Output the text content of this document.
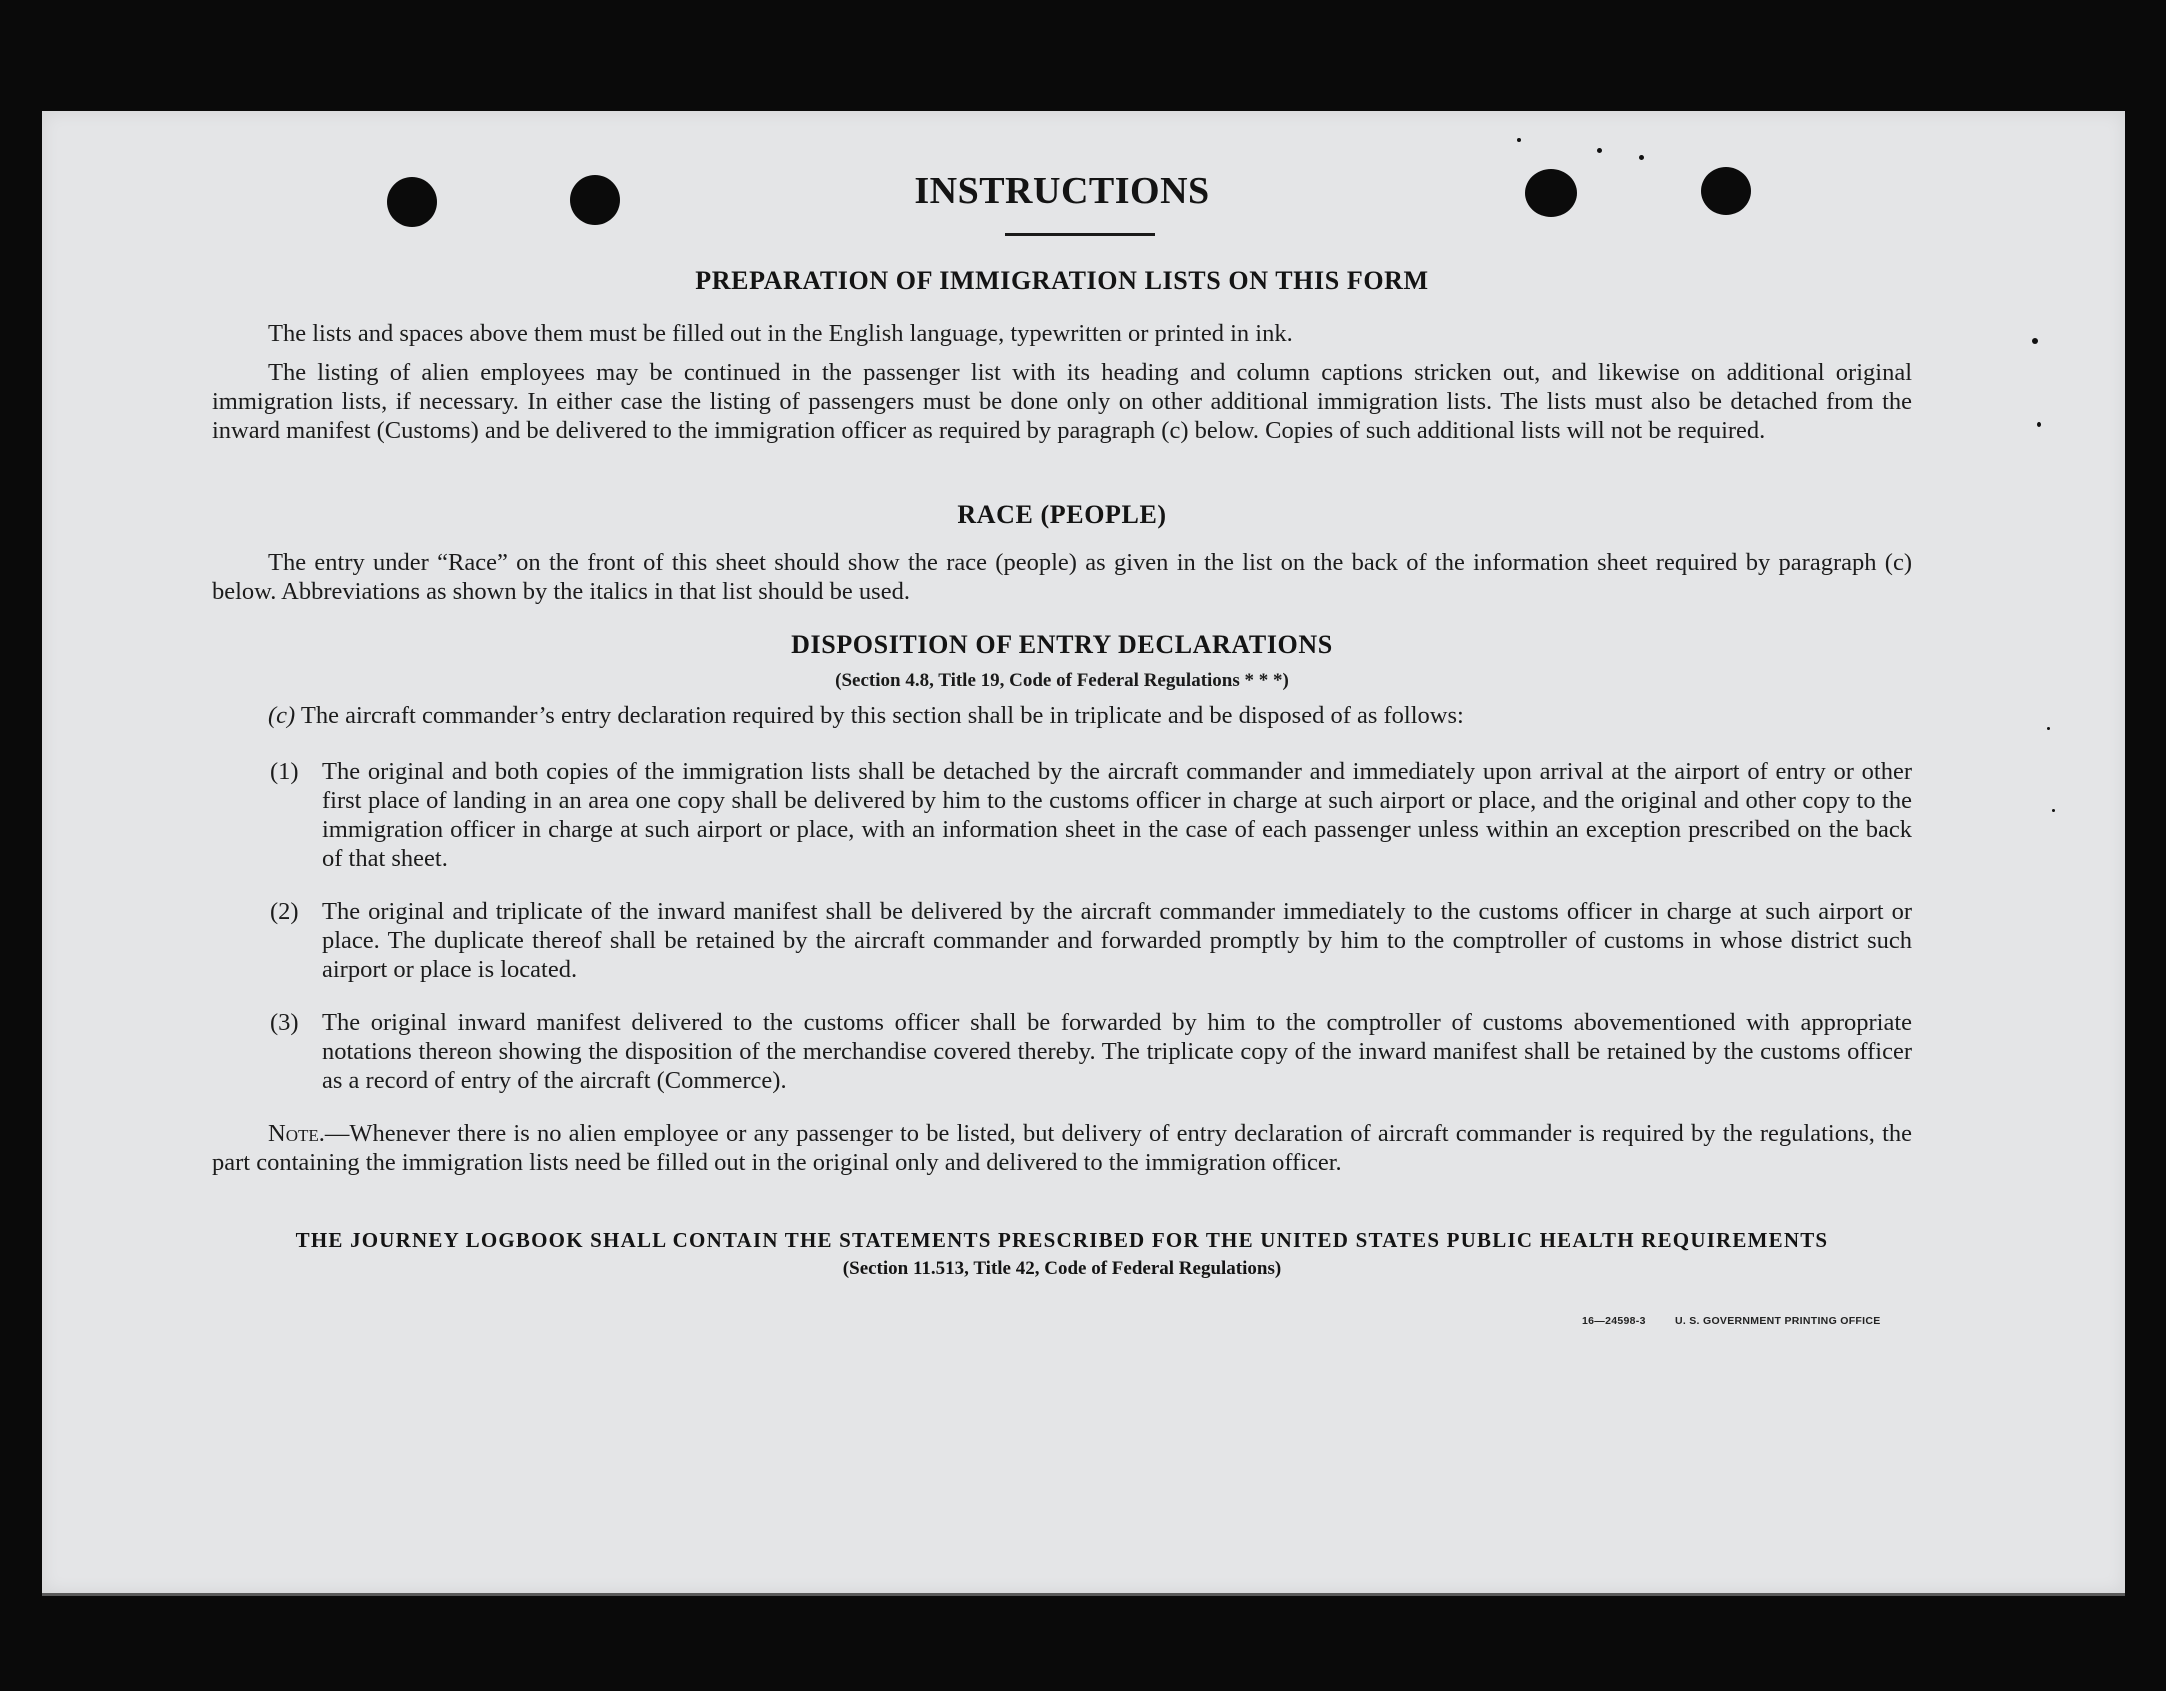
INSTRUCTIONS
PREPARATION OF IMMIGRATION LISTS ON THIS FORM
The lists and spaces above them must be filled out in the English language, typewritten or printed in ink.
The listing of alien employees may be continued in the passenger list with its heading and column captions stricken out, and likewise on additional original immigration lists, if necessary. In either case the listing of passengers must be done only on other additional immigration lists. The lists must also be detached from the inward manifest (Customs) and be delivered to the immigration officer as required by paragraph (c) below. Copies of such additional lists will not be required.
RACE (PEOPLE)
The entry under “Race” on the front of this sheet should show the race (people) as given in the list on the back of the information sheet required by paragraph (c) below. Abbreviations as shown by the italics in that list should be used.
DISPOSITION OF ENTRY DECLARATIONS
(Section 4.8, Title 19, Code of Federal Regulations * * *)
(c) The aircraft commander’s entry declaration required by this section shall be in triplicate and be disposed of as follows:
(1) The original and both copies of the immigration lists shall be detached by the aircraft commander and immediately upon arrival at the airport of entry or other first place of landing in an area one copy shall be delivered by him to the customs officer in charge at such airport or place, and the original and other copy to the immigration officer in charge at such airport or place, with an information sheet in the case of each passenger unless within an exception prescribed on the back of that sheet.
(2) The original and triplicate of the inward manifest shall be delivered by the aircraft commander immediately to the customs officer in charge at such airport or place. The duplicate thereof shall be retained by the aircraft commander and forwarded promptly by him to the comptroller of customs in whose district such airport or place is located.
(3) The original inward manifest delivered to the customs officer shall be forwarded by him to the comptroller of customs abovementioned with appropriate notations thereon showing the disposition of the merchandise covered thereby. The triplicate copy of the inward manifest shall be retained by the customs officer as a record of entry of the aircraft (Commerce).
Note.—Whenever there is no alien employee or any passenger to be listed, but delivery of entry declaration of aircraft commander is required by the regulations, the part containing the immigration lists need be filled out in the original only and delivered to the immigration officer.
THE JOURNEY LOGBOOK SHALL CONTAIN THE STATEMENTS PRESCRIBED FOR THE UNITED STATES PUBLIC HEALTH REQUIREMENTS
(Section 11.513, Title 42, Code of Federal Regulations)
16—24598-3	U. S. GOVERNMENT PRINTING OFFICE
